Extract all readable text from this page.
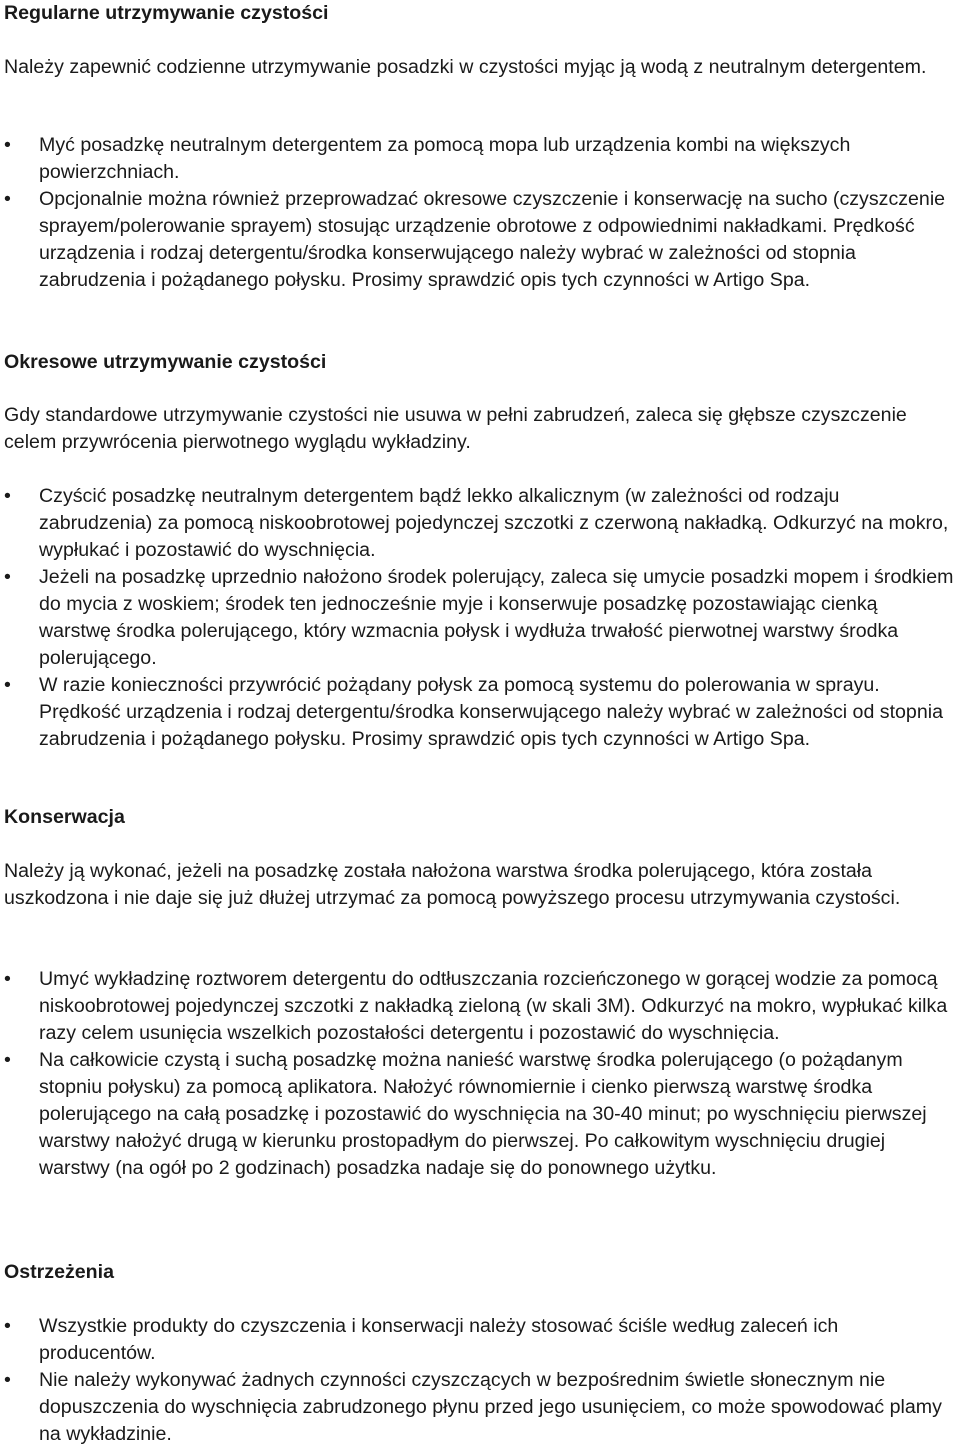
Regularne utrzymywanie czystości

Należy zapewnić codzienne utrzymywanie posadzki w czystości myjąc ją wodą z neutralnym detergentem.

•	Myć posadzkę neutralnym detergentem za pomocą mopa lub urządzenia kombi na większych powierzchniach.
•	Opcjonalnie można również przeprowadzać okresowe czyszczenie i konserwację na sucho (czyszczenie sprayem/polerowanie sprayem) stosując urządzenie obrotowe z odpowiednimi nakładkami. Prędkość urządzenia i rodzaj detergentu/środka konserwującego należy wybrać w zależności od stopnia zabrudzenia i pożądanego połysku. Prosimy sprawdzić opis tych czynności w Artigo Spa.
Okresowe utrzymywanie czystości

Gdy standardowe utrzymywanie czystości nie usuwa w pełni zabrudzeń, zaleca się głębsze czyszczenie celem przywrócenia pierwotnego wyglądu wykładziny.

•	Czyścić posadzkę neutralnym detergentem bądź lekko alkalicznym (w zależności od rodzaju zabrudzenia) za pomocą niskoobrotowej pojedynczej szczotki z czerwoną nakładką. Odkurzyć na mokro, wypłukać i pozostawić do wyschnięcia.
•	Jeżeli na posadzkę uprzednio nałożono środek polerujący, zaleca się umycie posadzki mopem i środkiem do mycia z woskiem; środek ten jednocześnie myje i konserwuje posadzkę pozostawiając cienką warstwę środka polerującego, który wzmacnia połysk i wydłuża trwałość pierwotnej warstwy środka polerującego.
•	W razie konieczności przywrócić pożądany połysk za pomocą systemu do polerowania w sprayu. Prędkość urządzenia i rodzaj detergentu/środka konserwującego należy wybrać w zależności od stopnia zabrudzenia i pożądanego połysku. Prosimy sprawdzić opis tych czynności w Artigo Spa.
Konserwacja

Należy ją wykonać, jeżeli na posadzkę została nałożona warstwa środka polerującego, która została uszkodzona i nie daje się już dłużej utrzymać za pomocą powyższego procesu utrzymywania czystości.

•	Umyć wykładzinę roztworem detergentu do odtłuszczania rozcieńczonego w gorącej wodzie za pomocą niskoobrotowej pojedynczej szczotki z nakładką zieloną (w skali 3M). Odkurzyć na mokro, wypłukać kilka razy celem usunięcia wszelkich pozostałości detergentu i pozostawić do wyschnięcia.
•	Na całkowicie czystą i suchą posadzkę można nanieść warstwę środka polerującego (o pożądanym stopniu połysku) za pomocą aplikatora. Nałożyć równomiernie i cienko pierwszą warstwę środka polerującego na całą posadzkę i pozostawić do wyschnięcia na 30-40 minut; po wyschnięciu pierwszej warstwy nałożyć drugą w kierunku prostopadłym do pierwszej. Po całkowitym wyschnięciu drugiej warstwy (na ogół po 2 godzinach) posadzka nadaje się do ponownego użytku.
Ostrzeżenia
•	Wszystkie produkty do czyszczenia i konserwacji należy stosować ściśle według zaleceń ich producentów.
•	Nie należy wykonywać żadnych czynności czyszczących w bezpośrednim świetle słonecznym nie dopuszczenia do wyschnięcia zabrudzonego płynu przed jego usunięciem, co może spowodować plamy na wykładzinie.
